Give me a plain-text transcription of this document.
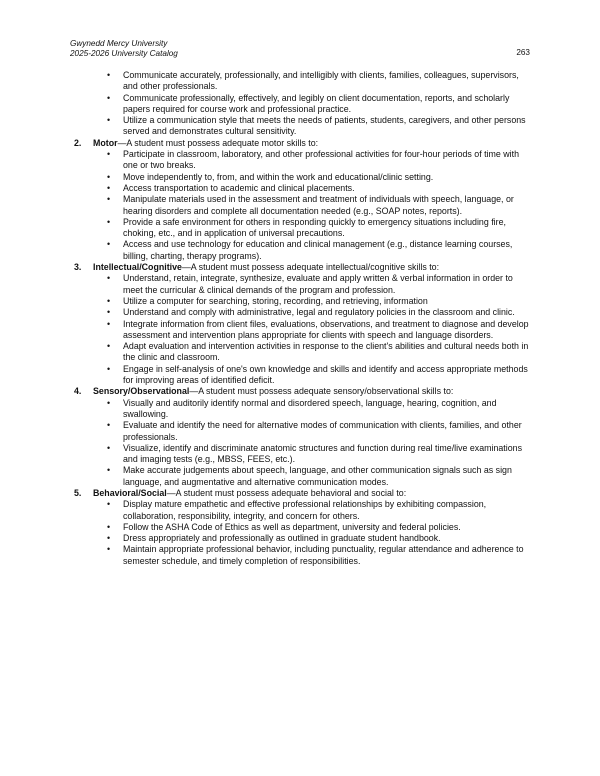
Gwynedd Mercy University
2025-2026 University Catalog	263
• Communicate accurately, professionally, and intelligibly with clients, families, colleagues, supervisors, and other professionals.
• Communicate professionally, effectively, and legibly on client documentation, reports, and scholarly papers required for course work and professional practice.
• Utilize a communication style that meets the needs of patients, students, caregivers, and other persons served and demonstrates cultural sensitivity.
2. Motor—A student must possess adequate motor skills to:
• Participate in classroom, laboratory, and other professional activities for four-hour periods of time with one or two breaks.
• Move independently to, from, and within the work and educational/clinic setting.
• Access transportation to academic and clinical placements.
• Manipulate materials used in the assessment and treatment of individuals with speech, language, or hearing disorders and complete all documentation needed (e.g., SOAP notes, reports).
• Provide a safe environment for others in responding quickly to emergency situations including fire, choking, etc., and in application of universal precautions.
• Access and use technology for education and clinical management (e.g., distance learning courses, billing, charting, therapy programs).
3. Intellectual/Cognitive—A student must possess adequate intellectual/cognitive skills to:
• Understand, retain, integrate, synthesize, evaluate and apply written & verbal information in order to meet the curricular & clinical demands of the program and profession.
• Utilize a computer for searching, storing, recording, and retrieving, information
• Understand and comply with administrative, legal and regulatory policies in the classroom and clinic.
• Integrate information from client files, evaluations, observations, and treatment to diagnose and develop assessment and intervention plans appropriate for clients with speech and language disorders.
• Adapt evaluation and intervention activities in response to the client's abilities and cultural needs both in the clinic and classroom.
• Engage in self-analysis of one's own knowledge and skills and identify and access appropriate methods for improving areas of identified deficit.
4. Sensory/Observational—A student must possess adequate sensory/observational skills to:
• Visually and auditorily identify normal and disordered speech, language, hearing, cognition, and swallowing.
• Evaluate and identify the need for alternative modes of communication with clients, families, and other professionals.
• Visualize, identify and discriminate anatomic structures and function during real time/live examinations and imaging tests (e.g., MBSS, FEES, etc.).
• Make accurate judgements about speech, language, and other communication signals such as sign language, and augmentative and alternative communication modes.
5. Behavioral/Social—A student must possess adequate behavioral and social to:
• Display mature empathetic and effective professional relationships by exhibiting compassion, collaboration, responsibility, integrity, and concern for others.
• Follow the ASHA Code of Ethics as well as department, university and federal policies.
• Dress appropriately and professionally as outlined in graduate student handbook.
• Maintain appropriate professional behavior, including punctuality, regular attendance and adherence to semester schedule, and timely completion of responsibilities.
